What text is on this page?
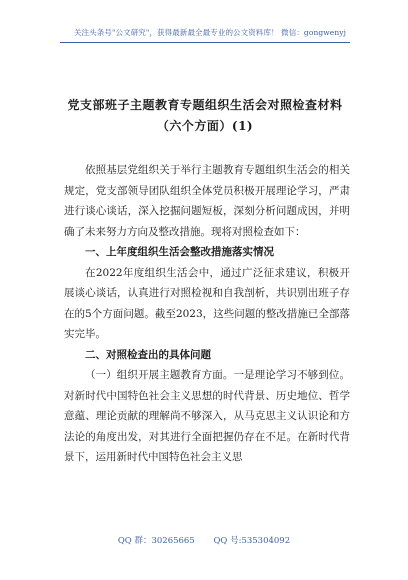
关注头条号"公文研究"，获得最新最全最专业的公文资料库！ 微信：gongwenyj
党支部班子主题教育专题组织生活会对照检查材料
（六个方面）(1)

依照基层党组织关于举行主题教育专题组织生活会的相关规定，党支部领导团队组织全体党员积极开展理论学习，严肃进行谈心谈话，深入挖掘问题短板，深刻分析问题成因，并明确了未来努力方向及整改措施。现将对照检查如下：

一、上年度组织生活会整改措施落实情况

在2022年度组织生活会中，通过广泛征求建议，积极开展谈心谈话，认真进行对照检视和自我剖析，共识别出班子存在的5个方面问题。截至2023，这些问题的整改措施已全部落实完毕。

二、对照检查出的具体问题

（一）组织开展主题教育方面。一是理论学习不够到位。对新时代中国特色社会主义思想的时代背景、历史地位、哲学意蕴、理论贡献的理解尚不够深入，从马克思主义认识论和方法论的角度出发，对其进行全面把握仍存在不足。在新时代背景下，运用新时代中国特色社会主义思

QQ 群：30265665 QQ 号:535304092
